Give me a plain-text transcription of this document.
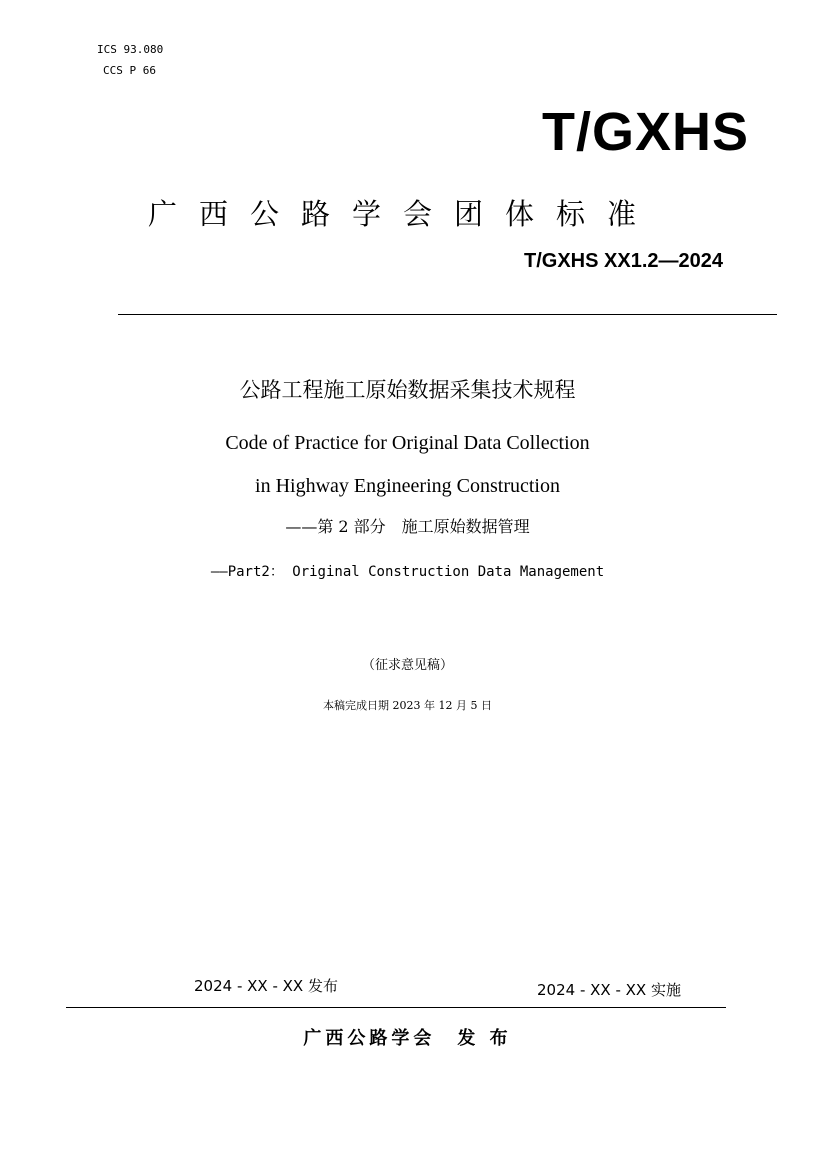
ICS 93.080
CCS P 66
T/GXHS
广西公路学会团体标准
T/GXHS XX1.2—2024
公路工程施工原始数据采集技术规程
Code of Practice for Original Data Collection
in Highway Engineering Construction
——第 2 部分　施工原始数据管理
——Part2： Original Construction Data Management
（征求意见稿）
本稿完成日期 2023 年 12 月 5 日
2024 - XX - XX 发布	2024 - XX - XX 实施
广西公路学会　发 布
